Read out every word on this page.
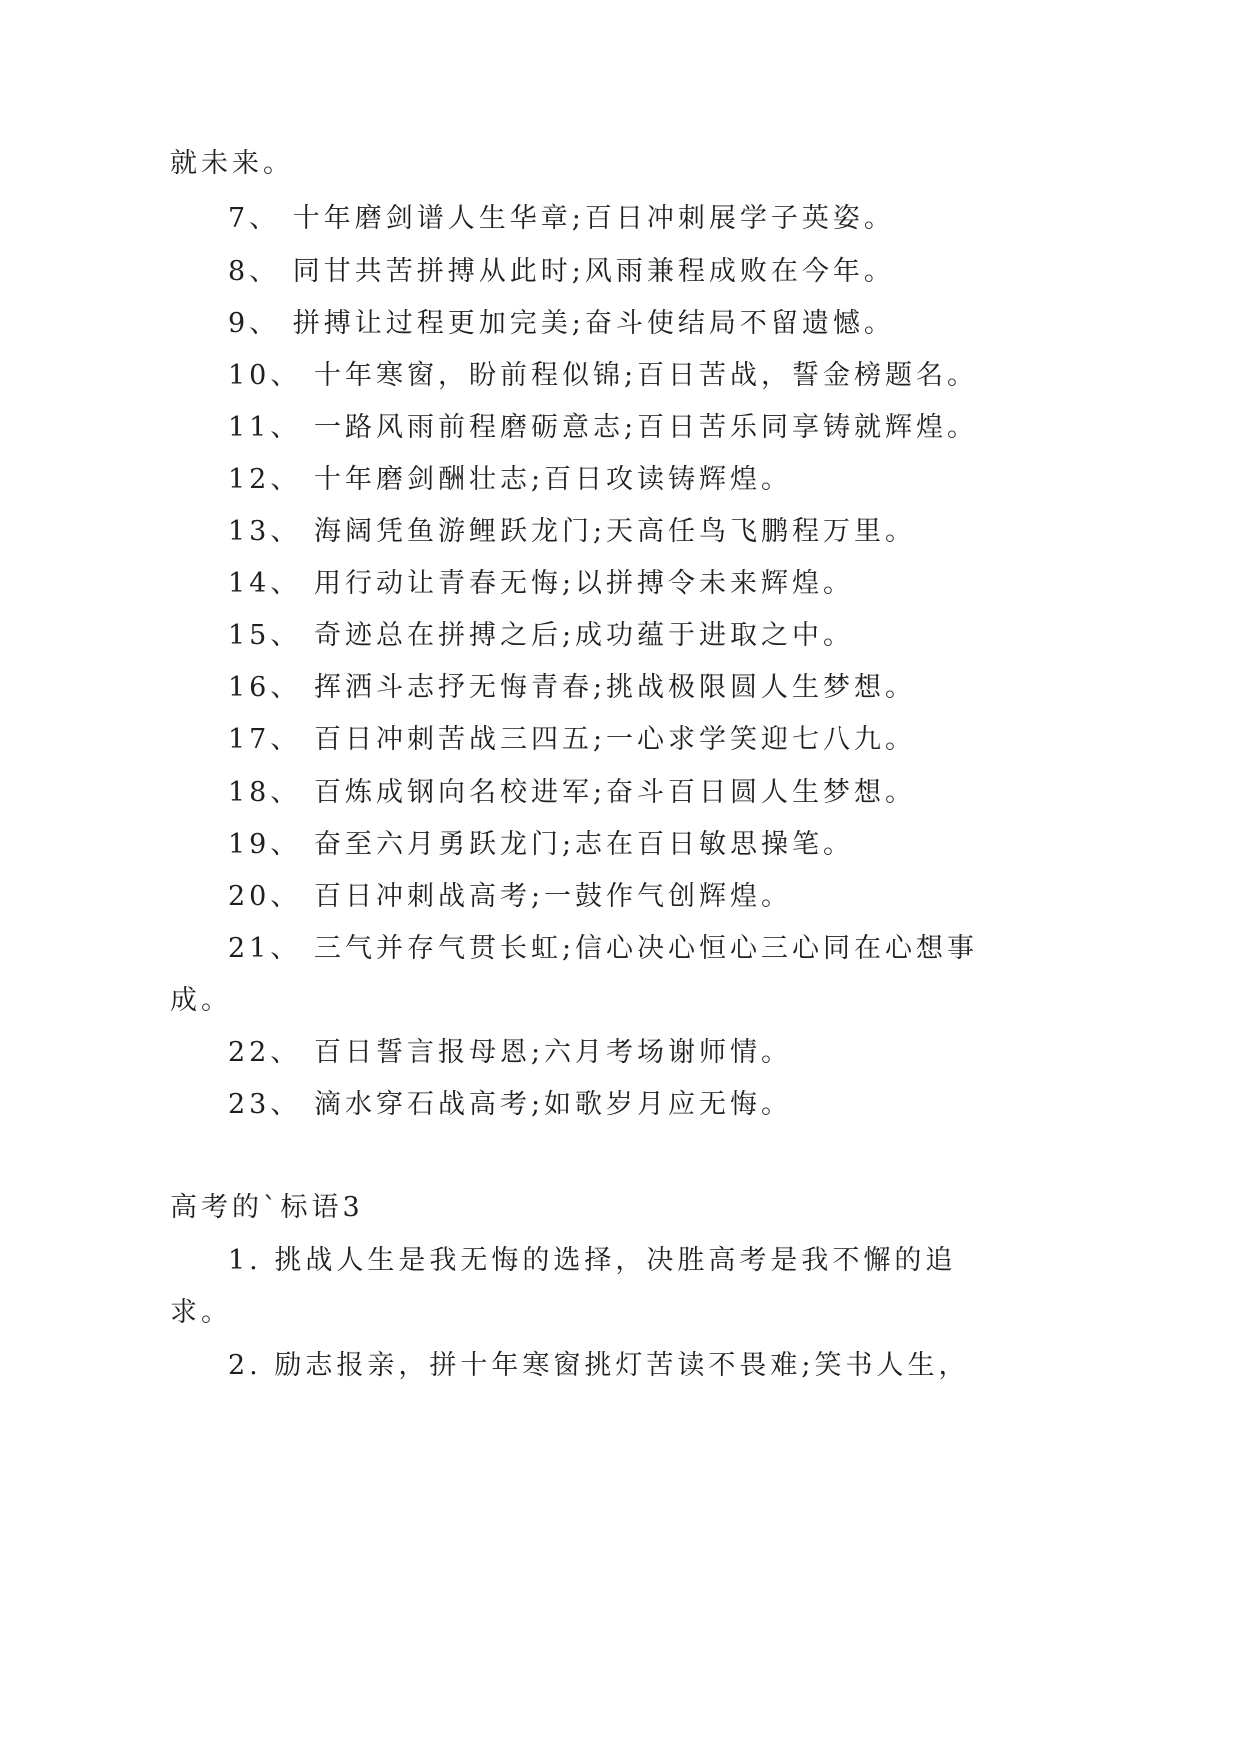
就未来。
7、 十年磨剑谱人生华章;百日冲刺展学子英姿。
8、 同甘共苦拼搏从此时;风雨兼程成败在今年。
9、 拼搏让过程更加完美;奋斗使结局不留遗憾。
10、 十年寒窗，盼前程似锦;百日苦战，誓金榜题名。
11、 一路风雨前程磨砺意志;百日苦乐同享铸就辉煌。
12、 十年磨剑酬壮志;百日攻读铸辉煌。
13、 海阔凭鱼游鲤跃龙门;天高任鸟飞鹏程万里。
14、 用行动让青春无悔;以拼搏令未来辉煌。
15、 奇迹总在拼搏之后;成功蕴于进取之中。
16、 挥洒斗志抒无悔青春;挑战极限圆人生梦想。
17、 百日冲刺苦战三四五;一心求学笑迎七八九。
18、 百炼成钢向名校进军;奋斗百日圆人生梦想。
19、 奋至六月勇跃龙门;志在百日敏思操笔。
20、 百日冲刺战高考;一鼓作气创辉煌。
21、 三气并存气贯长虹;信心决心恒心三心同在心想事
成。
22、 百日誓言报母恩;六月考场谢师情。
23、 滴水穿石战高考;如歌岁月应无悔。
高考的`标语3
1. 挑战人生是我无悔的选择，决胜高考是我不懈的追
求。
2. 励志报亲，拼十年寒窗挑灯苦读不畏难;笑书人生，
